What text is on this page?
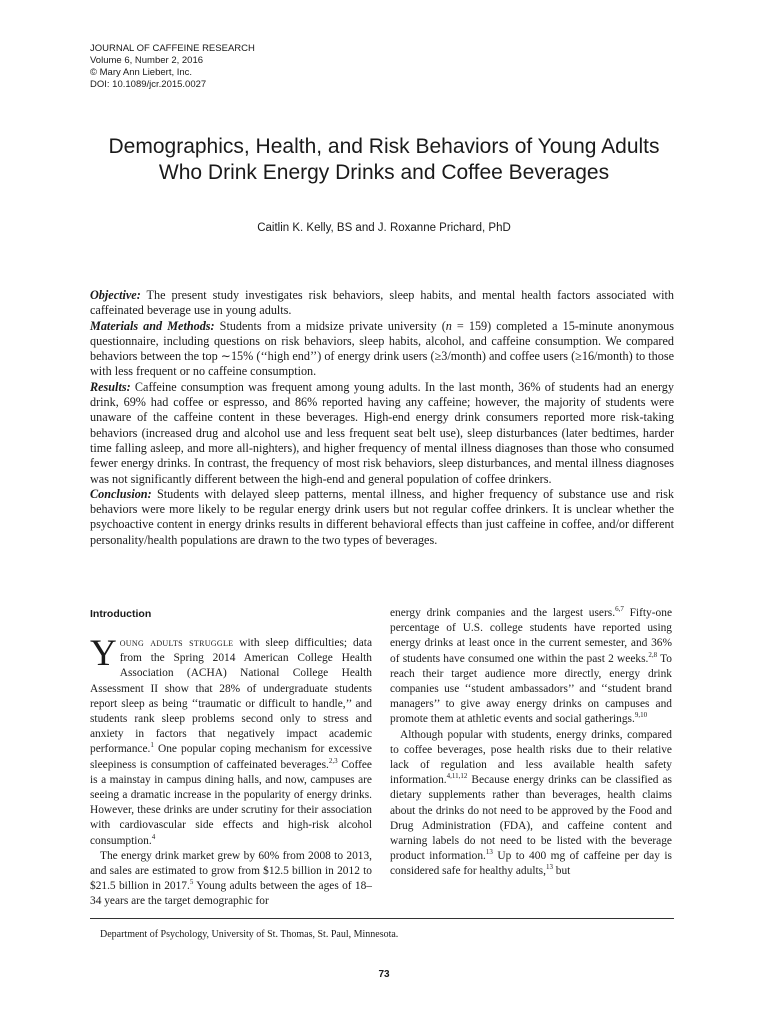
JOURNAL OF CAFFEINE RESEARCH
Volume 6, Number 2, 2016
© Mary Ann Liebert, Inc.
DOI: 10.1089/jcr.2015.0027
Demographics, Health, and Risk Behaviors of Young Adults
Who Drink Energy Drinks and Coffee Beverages
Caitlin K. Kelly, BS and J. Roxanne Prichard, PhD

Objective: The present study investigates risk behaviors, sleep habits, and mental health factors associated with caffeinated beverage use in young adults.

Materials and Methods: Students from a midsize private university (n = 159) completed a 15-minute anonymous questionnaire, including questions on risk behaviors, sleep habits, alcohol, and caffeine consumption. We compared behaviors between the top ∼15% (‘‘high end’’) of energy drink users (≥3/month) and coffee users (≥16/month) to those with less frequent or no caffeine consumption.

Results: Caffeine consumption was frequent among young adults. In the last month, 36% of students had an energy drink, 69% had coffee or espresso, and 86% reported having any caffeine; however, the majority of students were unaware of the caffeine content in these beverages. High-end energy drink consumers reported more risk-taking behaviors (increased drug and alcohol use and less frequent seat belt use), sleep disturbances (later bedtimes, harder time falling asleep, and more all-nighters), and higher frequency of mental illness diagnoses than those who consumed fewer energy drinks. In contrast, the frequency of most risk behaviors, sleep disturbances, and mental illness diagnoses was not significantly different between the high-end and general population of coffee drinkers.

Conclusion: Students with delayed sleep patterns, mental illness, and higher frequency of substance use and risk behaviors were more likely to be regular energy drink users but not regular coffee drinkers. It is unclear whether the psychoactive content in energy drinks results in different behavioral effects than just caffeine in coffee, and/or different personality/health populations are drawn to the two types of beverages.

Introduction

Young adults struggle with sleep difficulties; data from the Spring 2014 American College Health Association (ACHA) National College Health Assessment II show that 28% of undergraduate students report sleep as being ‘‘traumatic or difficult to handle,’’ and students rank sleep problems second only to stress and anxiety in factors that negatively impact academic performance.$^1$ One popular coping mechanism for excessive sleepiness is consumption of caffeinated beverages.$^{2,3}$ Coffee is a mainstay in campus dining halls, and now, campuses are seeing a dramatic increase in the popularity of energy drinks. However, these drinks are under scrutiny for their association with cardiovascular side effects and high-risk alcohol consumption.$^4$

The energy drink market grew by 60% from 2008 to 2013, and sales are estimated to grow from $12.5 billion in 2012 to $21.5 billion in 2017.$^5$ Young adults between the ages of 18–34 years are the target demographic for

energy drink companies and the largest users.$^{6,7}$ Fifty-one percentage of U.S. college students have reported using energy drinks at least once in the current semester, and 36% of students have consumed one within the past 2 weeks.$^{2,8}$ To reach their target audience more directly, energy drink companies use ‘‘student ambassadors’’ and ‘‘student brand managers’’ to give away energy drinks on campuses and promote them at athletic events and social gatherings.$^{9,10}$

Although popular with students, energy drinks, compared to coffee beverages, pose health risks due to their relative lack of regulation and less available health safety information.$^{4,11,12}$ Because energy drinks can be classified as dietary supplements rather than beverages, health claims about the drinks do not need to be approved by the Food and Drug Administration (FDA), and caffeine content and warning labels do not need to be listed with the beverage product information.$^{13}$ Up to 400 mg of caffeine per day is considered safe for healthy adults,$^{13}$ but

Department of Psychology, University of St. Thomas, St. Paul, Minnesota.
73
